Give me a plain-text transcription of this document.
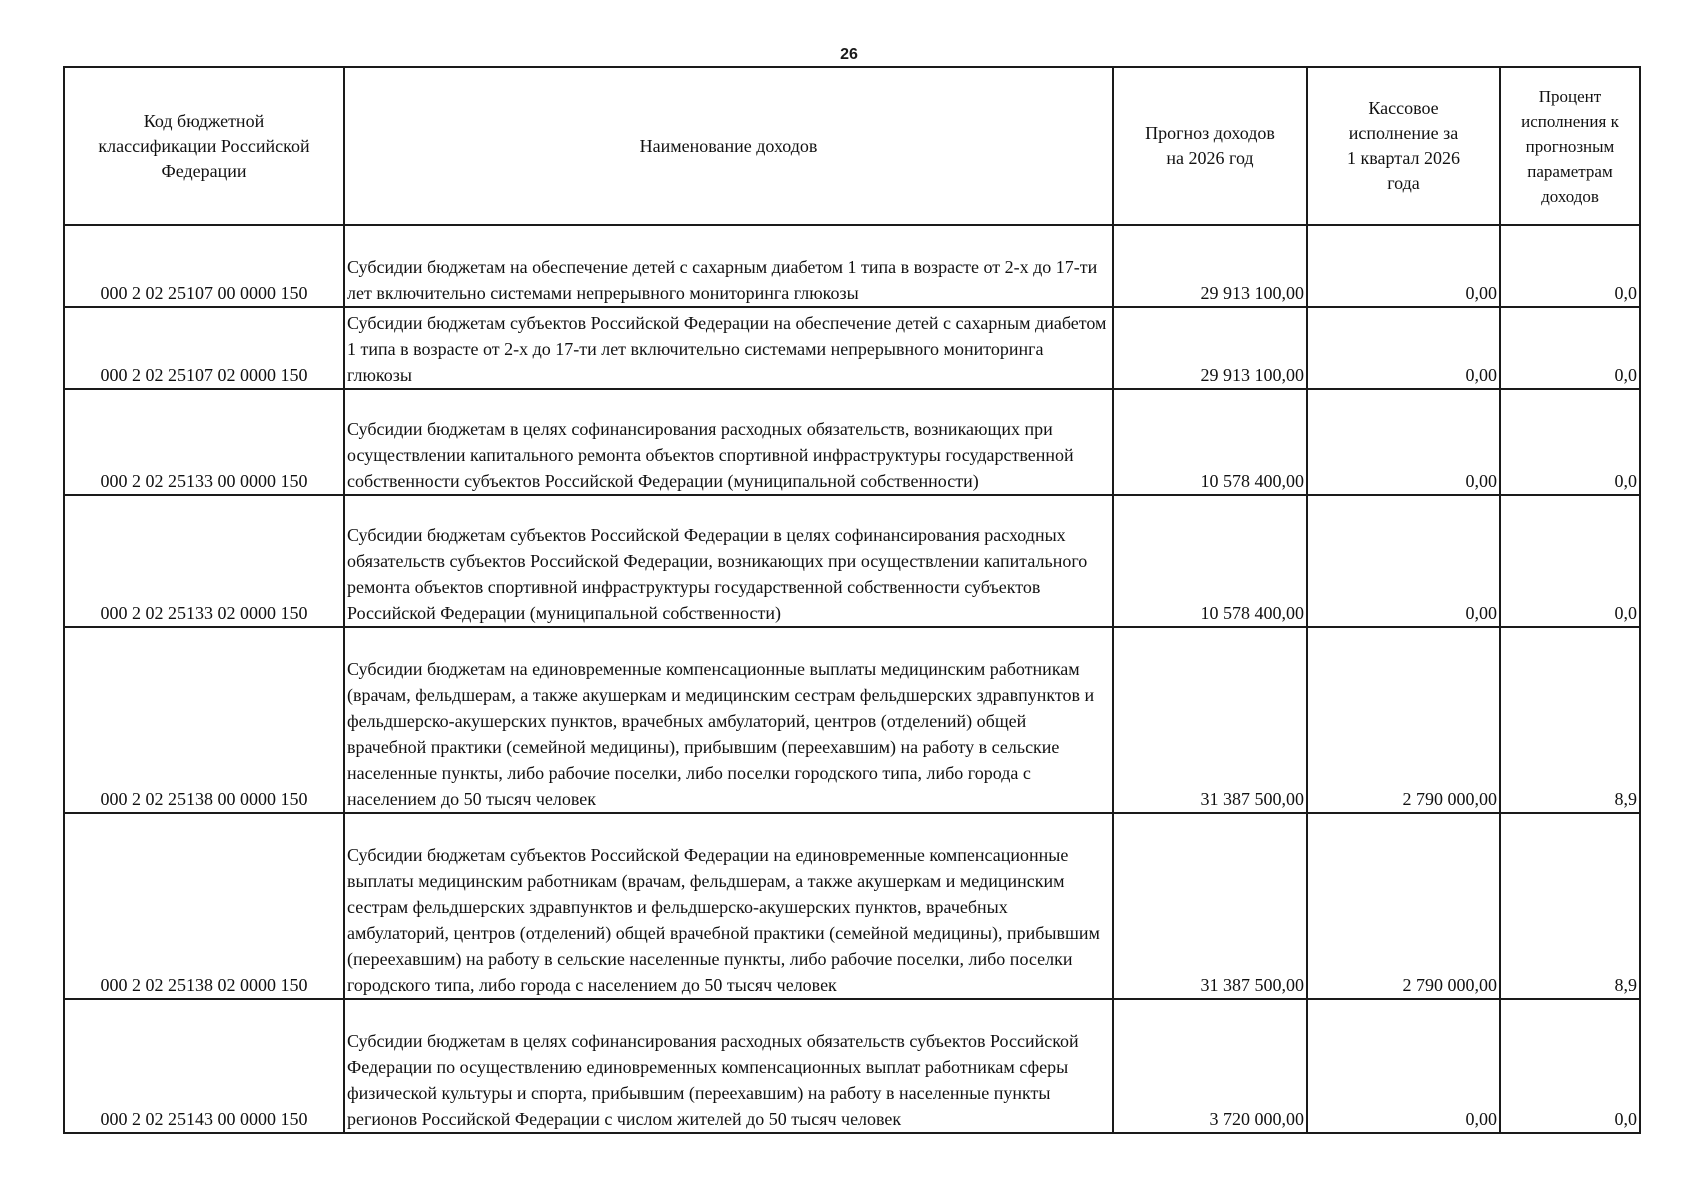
26
Код бюджетной классификации Российской Федерации	Наименование доходов	Прогноз доходов на 2026 год	Кассовое исполнение за 1 квартал 2026 года	Процент исполнения к прогнозным параметрам доходов
000 2 02 25107 00 0000 150	Субсидии бюджетам на обеспечение детей с сахарным диабетом 1 типа в возрасте от 2-х до 17-ти лет включительно системами непрерывного мониторинга глюкозы	29 913 100,00	0,00	0,0
000 2 02 25107 02 0000 150	Субсидии бюджетам субъектов Российской Федерации на обеспечение детей с сахарным диабетом 1 типа в возрасте от 2-х до 17-ти лет включительно системами непрерывного мониторинга глюкозы	29 913 100,00	0,00	0,0
000 2 02 25133 00 0000 150	Субсидии бюджетам в целях софинансирования расходных обязательств, возникающих при осуществлении капитального ремонта объектов спортивной инфраструктуры государственной собственности субъектов Российской Федерации (муниципальной собственности)	10 578 400,00	0,00	0,0
000 2 02 25133 02 0000 150	Субсидии бюджетам субъектов Российской Федерации в целях софинансирования расходных обязательств субъектов Российской Федерации, возникающих при осуществлении капитального ремонта объектов спортивной инфраструктуры государственной собственности субъектов Российской Федерации (муниципальной собственности)	10 578 400,00	0,00	0,0
000 2 02 25138 00 0000 150	Субсидии бюджетам на единовременные компенсационные выплаты медицинским работникам (врачам, фельдшерам, а также акушеркам и медицинским сестрам фельдшерских здравпунктов и фельдшерско-акушерских пунктов, врачебных амбулаторий, центров (отделений) общей врачебной практики (семейной медицины), прибывшим (переехавшим) на работу в сельские населенные пункты, либо рабочие поселки, либо поселки городского типа, либо города с населением до 50 тысяч человек	31 387 500,00	2 790 000,00	8,9
000 2 02 25138 02 0000 150	Субсидии бюджетам субъектов Российской Федерации на единовременные компенсационные выплаты медицинским работникам (врачам, фельдшерам, а также акушеркам и медицинским сестрам фельдшерских здравпунктов и фельдшерско-акушерских пунктов, врачебных амбулаторий, центров (отделений) общей врачебной практики (семейной медицины), прибывшим (переехавшим) на работу в сельские населенные пункты, либо рабочие поселки, либо поселки городского типа, либо города с населением до 50 тысяч человек	31 387 500,00	2 790 000,00	8,9
000 2 02 25143 00 0000 150	Субсидии бюджетам в целях софинансирования расходных обязательств субъектов Российской Федерации по осуществлению единовременных компенсационных выплат работникам сферы физической культуры и спорта, прибывшим (переехавшим) на работу в населенные пункты регионов Российской Федерации с числом жителей до 50 тысяч человек	3 720 000,00	0,00	0,0
